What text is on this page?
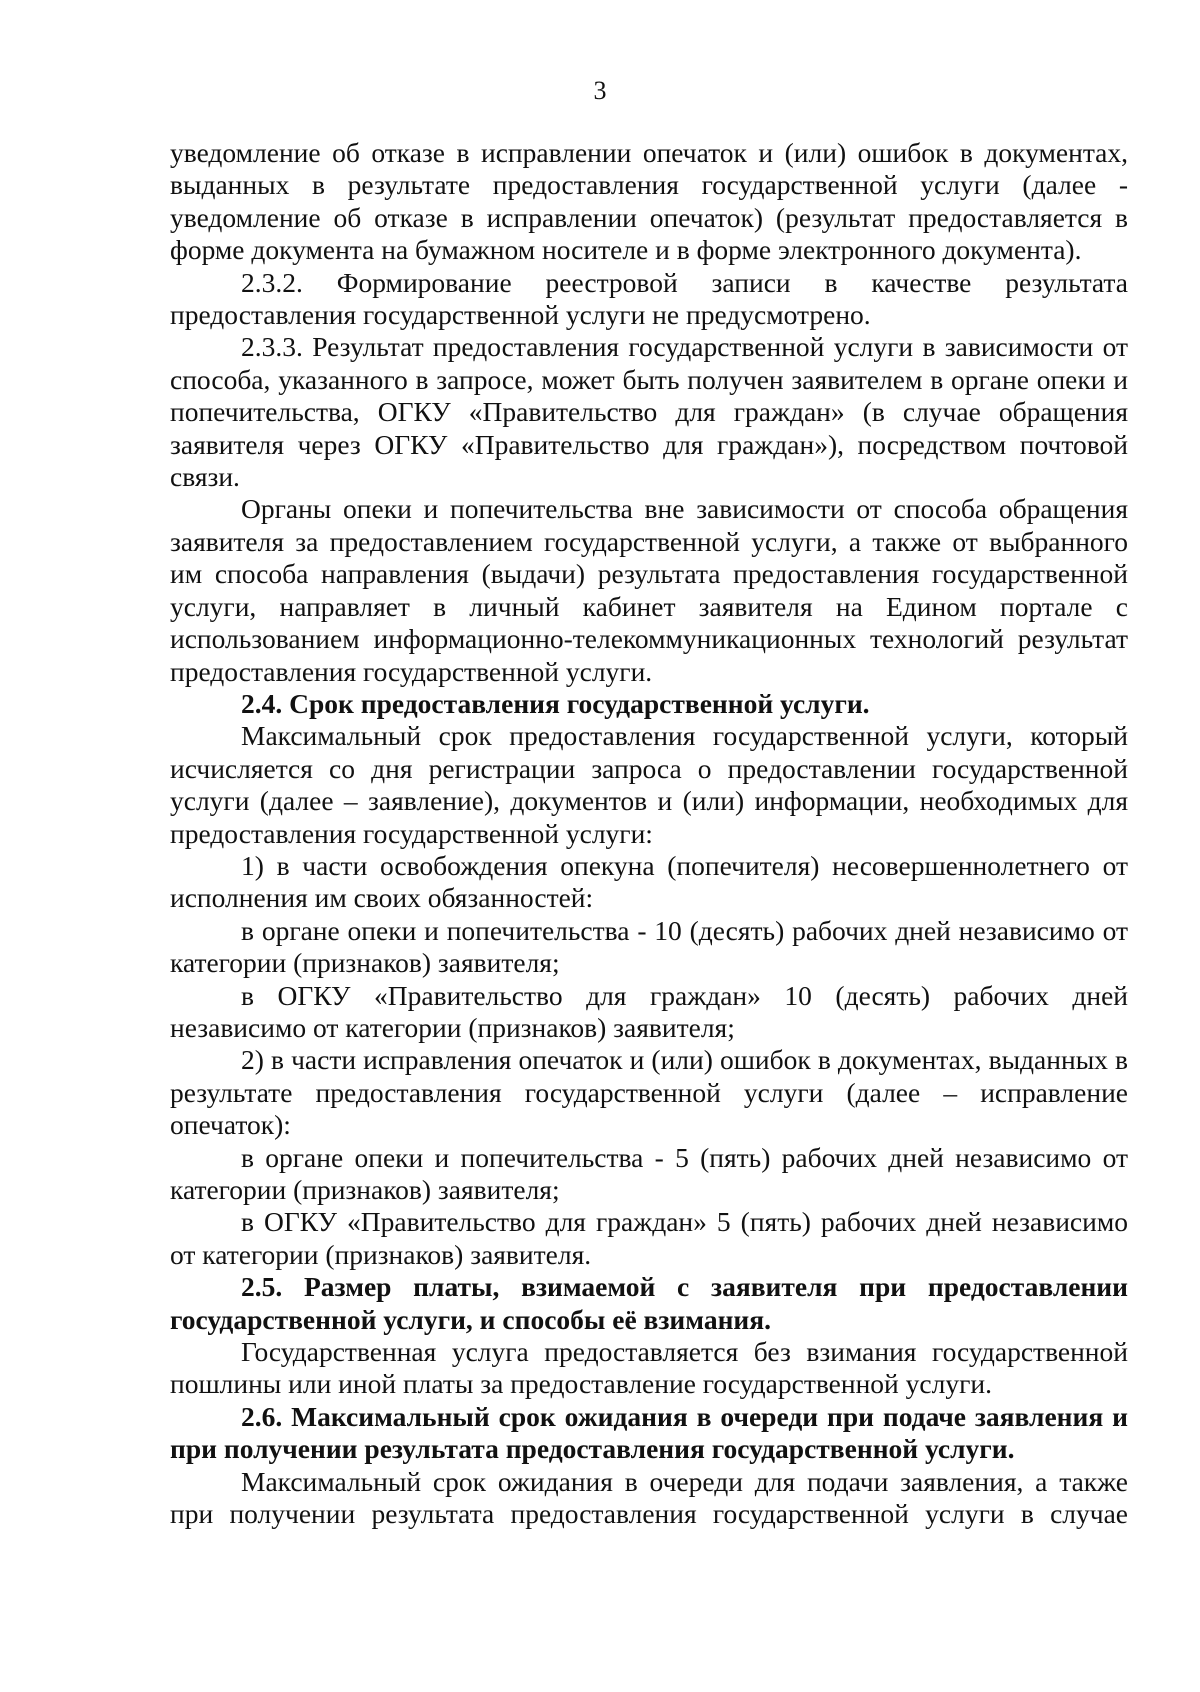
3

уведомление об отказе в исправлении опечаток и (или) ошибок в документах, выданных в результате предоставления государственной услуги (далее - уведомление об отказе в исправлении опечаток) (результат предоставляется в форме документа на бумажном носителе и в форме электронного документа).

2.3.2. Формирование реестровой записи в качестве результата предоставления государственной услуги не предусмотрено.

2.3.3. Результат предоставления государственной услуги в зависимости от способа, указанного в запросе, может быть получен заявителем в органе опеки и попечительства, ОГКУ «Правительство для граждан» (в случае обращения заявителя через ОГКУ «Правительство для граждан»), посредством почтовой связи.

Органы опеки и попечительства вне зависимости от способа обращения заявителя за предоставлением государственной услуги, а также от выбранного им способа направления (выдачи) результата предоставления государственной услуги, направляет в личный кабинет заявителя на Едином портале с использованием информационно-телекоммуникационных технологий результат предоставления государственной услуги.

2.4. Срок предоставления государственной услуги.

Максимальный срок предоставления государственной услуги, который исчисляется со дня регистрации запроса о предоставлении государственной услуги (далее – заявление), документов и (или) информации, необходимых для предоставления государственной услуги:

1) в части освобождения опекуна (попечителя) несовершеннолетнего от исполнения им своих обязанностей:

в органе опеки и попечительства - 10 (десять) рабочих дней независимо от категории (признаков) заявителя;

в ОГКУ «Правительство для граждан» 10 (десять) рабочих дней независимо от категории (признаков) заявителя;

2) в части исправления опечаток и (или) ошибок в документах, выданных в результате предоставления государственной услуги (далее – исправление опечаток):

в органе опеки и попечительства - 5 (пять) рабочих дней независимо от категории (признаков) заявителя;

в ОГКУ «Правительство для граждан» 5 (пять) рабочих дней независимо от категории (признаков) заявителя.

2.5. Размер платы, взимаемой с заявителя при предоставлении государственной услуги, и способы её взимания.

Государственная услуга предоставляется без взимания государственной пошлины или иной платы за предоставление государственной услуги.

2.6. Максимальный срок ожидания в очереди при подаче заявления и при получении результата предоставления государственной услуги.

Максимальный срок ожидания в очереди для подачи заявления, а также при получении результата предоставления государственной услуги в случае
